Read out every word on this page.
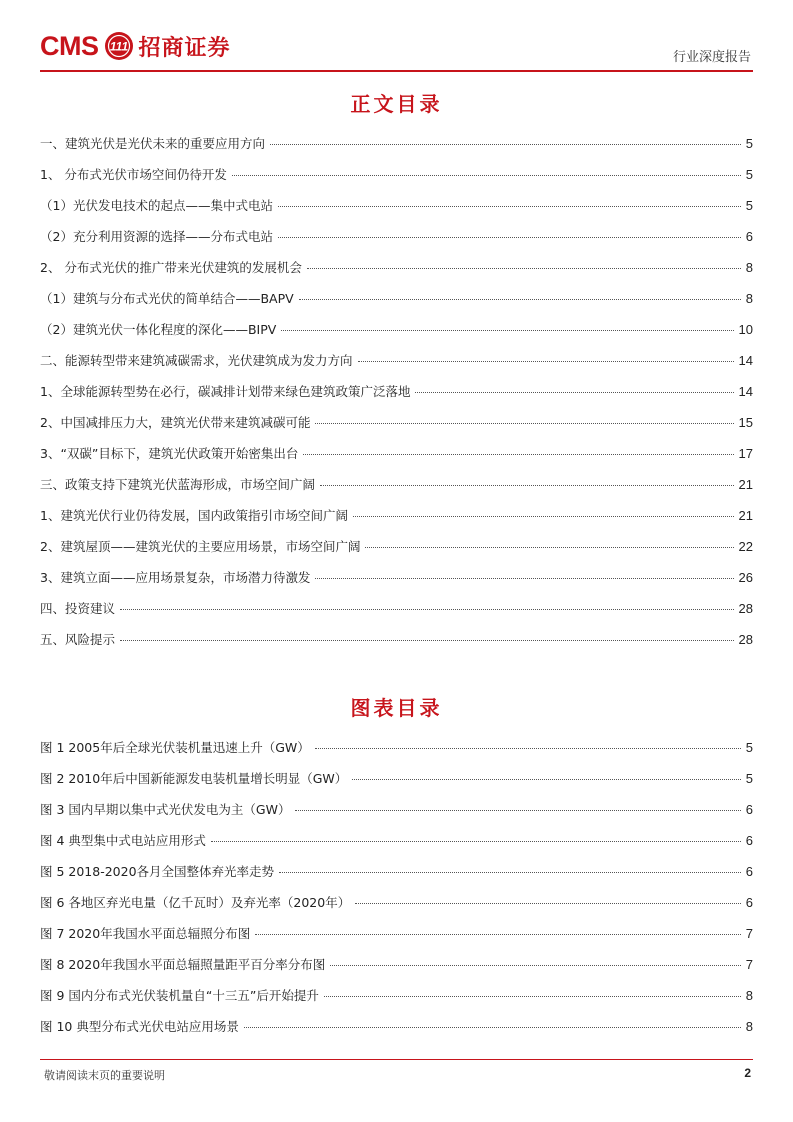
CMS 111 招商证券	行业深度报告
正文目录
一、建筑光伏是光伏未来的重要应用方向	5
1、 分布式光伏市场空间仍待开发	5
（1）光伏发电技术的起点——集中式电站	5
（2）充分利用资源的选择——分布式电站	6
2、 分布式光伏的推广带来光伏建筑的发展机会	8
（1）建筑与分布式光伏的简单结合——BAPV	8
（2）建筑光伏一体化程度的深化——BIPV	10
二、能源转型带来建筑减碳需求，光伏建筑成为发力方向	14
1、全球能源转型势在必行，碳减排计划带来绿色建筑政策广泛落地	14
2、中国减排压力大，建筑光伏带来建筑减碳可能	15
3、“双碳”目标下，建筑光伏政策开始密集出台	17
三、政策支持下建筑光伏蓝海形成，市场空间广阔	21
1、建筑光伏行业仍待发展，国内政策指引市场空间广阔	21
2、建筑屋顶——建筑光伏的主要应用场景，市场空间广阔	22
3、建筑立面——应用场景复杂，市场潜力待激发	26
四、投资建议	28
五、风险提示	28
图表目录
图 1 2005年后全球光伏装机量迅速上升（GW）	5
图 2 2010年后中国新能源发电装机量增长明显（GW）	5
图 3 国内早期以集中式光伏发电为主（GW）	6
图 4 典型集中式电站应用形式	6
图 5 2018-2020各月全国整体弃光率走势	6
图 6 各地区弃光电量（亿千瓦时）及弃光率（2020年）	6
图 7 2020年我国水平面总辐照分布图	7
图 8 2020年我国水平面总辐照量距平百分率分布图	7
图 9 国内分布式光伏装机量自“十三五”后开始提升	8
图 10 典型分布式光伏电站应用场景	8
敬请阅读末页的重要说明	2
